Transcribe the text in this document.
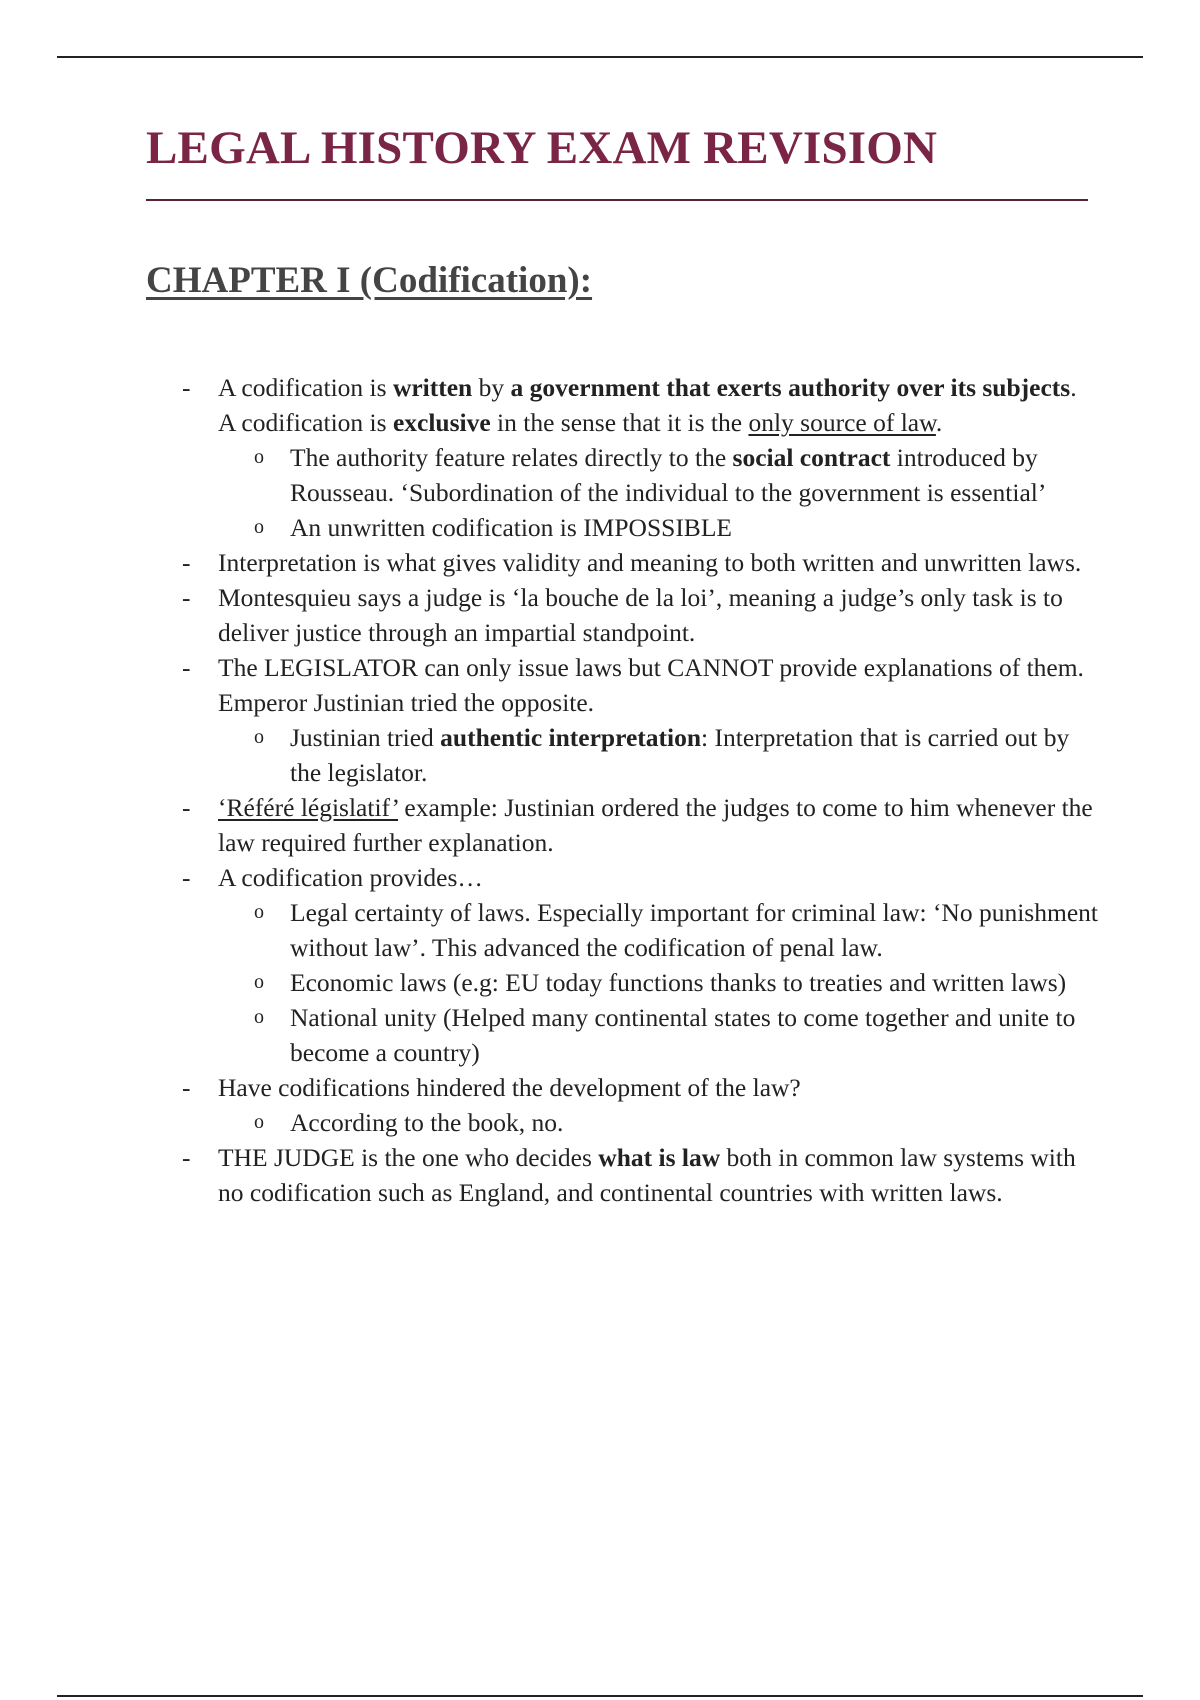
LEGAL HISTORY EXAM REVISION
CHAPTER I (Codification):
- A codification is written by a government that exerts authority over its subjects. A codification is exclusive in the sense that it is the only source of law.
o The authority feature relates directly to the social contract introduced by Rousseau. ‘Subordination of the individual to the government is essential’
o An unwritten codification is IMPOSSIBLE
- Interpretation is what gives validity and meaning to both written and unwritten laws.
- Montesquieu says a judge is ‘la bouche de la loi’, meaning a judge’s only task is to deliver justice through an impartial standpoint.
- The LEGISLATOR can only issue laws but CANNOT provide explanations of them. Emperor Justinian tried the opposite.
o Justinian tried authentic interpretation: Interpretation that is carried out by the legislator.
- ‘Référé législatif’ example: Justinian ordered the judges to come to him whenever the law required further explanation.
- A codification provides…
o Legal certainty of laws. Especially important for criminal law: ‘No punishment without law’. This advanced the codification of penal law.
o Economic laws (e.g: EU today functions thanks to treaties and written laws)
o National unity (Helped many continental states to come together and unite to become a country)
- Have codifications hindered the development of the law?
o According to the book, no.
- THE JUDGE is the one who decides what is law both in common law systems with no codification such as England, and continental countries with written laws.
